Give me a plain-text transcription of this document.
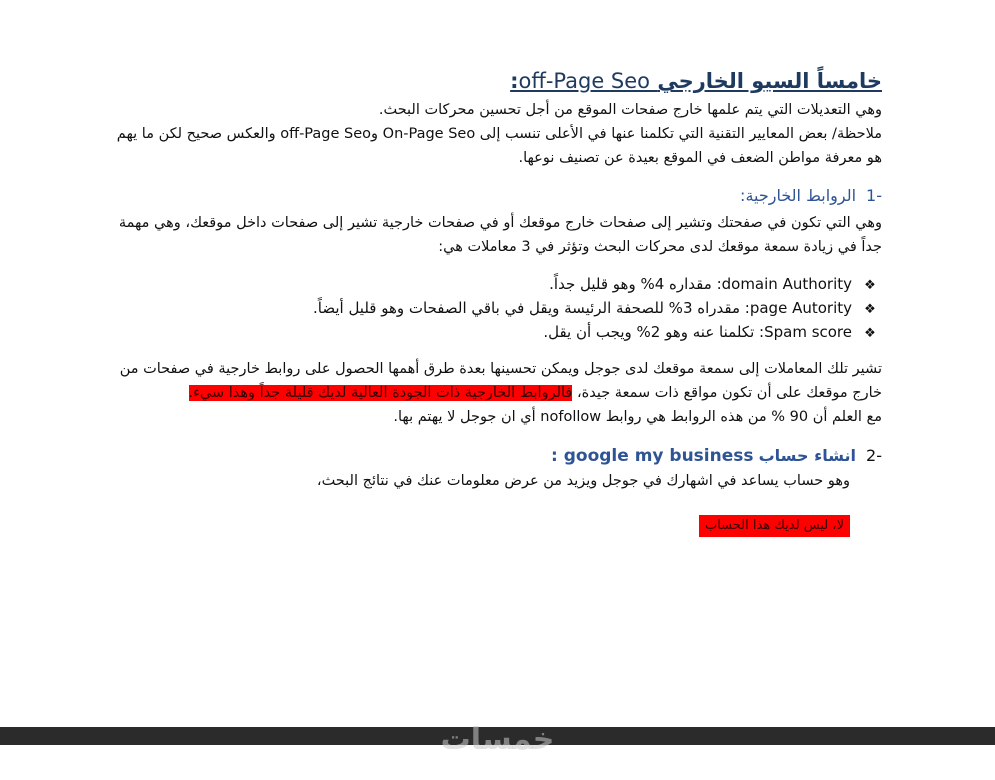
خامساً السيو الخارجي off-Page Seo:
وهي التعديلات التي يتم علمها خارج صفحات الموقع من أجل تحسين محركات البحث.
ملاحظة/ بعض المعايير التقنية التي تكلمنا عنها في الأعلى تنسب إلى On-Page Seo وoff-Page Seo والعكس صحيح لكن ما يهم
هو معرفة مواطن الضعف في الموقع بعيدة عن تصنيف نوعها.
-1الروابط الخارجية:
وهي التي تكون في صفحتك وتشير إلى صفحات خارج موقعك أو في صفحات خارجية تشير إلى صفحات داخل موقعك، وهي مهمة
جداً في زيادة سمعة موقعك لدى محركات البحث وتؤثر في 3 معاملات هي:
❖domain Authority: مقداره 4% وهو قليل جداً.
❖page Autority: مقدراه 3% للصحفة الرئيسة ويقل في باقي الصفحات وهو قليل أيضاً.
❖Spam score: تكلمنا عنه وهو 2% ويجب أن يقل.
تشير تلك المعاملات إلى سمعة موقعك لدى جوجل ويمكن تحسينها بعدة طرق أهمها الحصول على روابط خارجية في صفحات من
خارج موقعك على أن تكون مواقع ذات سمعة جيدة، فالروابط الخارجية ذات الجودة العالية لديك قليلة جداً وهذا سيء.
مع العلم أن 90 % من هذه الروابط هي روابط nofollow أي ان جوجل لا يهتم بها.
-2انشاء حساب google my business :
وهو حساب يساعد في اشهارك في جوجل ويزيد من عرض معلومات عنك في نتائج البحث،
لا، ليس لديك هذا الحساب
خمسات
